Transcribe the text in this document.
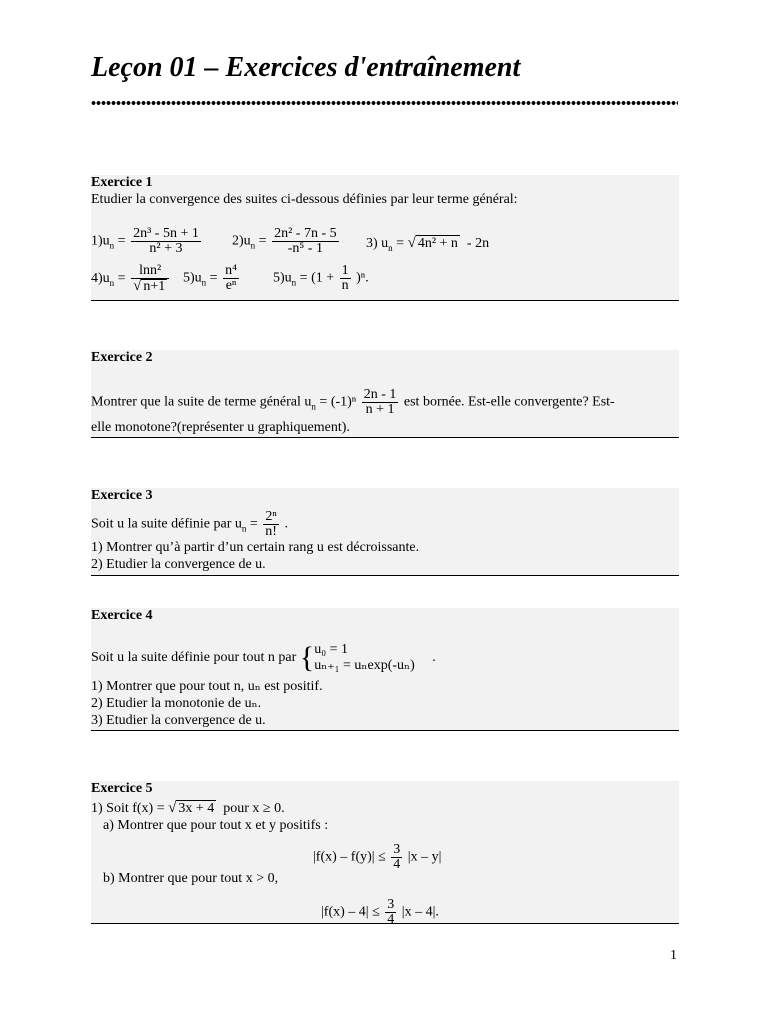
Leçon 01 – Exercices d'entraînement
Exercice 1
Etudier la convergence des suites ci-dessous définies par leur terme général:
$1)u_n = \frac{\text{2n³ - 5n + 1}}{\text{n² + 3}} 2)u_n = \frac{\text{2n² - 7n - 5}}{\text{-n⁵ - 1}} 3$) $u_n$ = √ 4n² + n - 2n
$4)u_n = \frac{\text{lnn²}}{√ n+1} 5)u_n = \frac{\text{n⁴}}{\text{eⁿ}} 5)u_n = (1 + \frac{1}{n} )^n$.
Exercice 2
Montrer que la suite de terme général $u_n = (-1)^n \frac{2n - 1}{n + 1}$ est bornée. Est-elle convergente? Est-
elle monotone?(représenter u graphiquement).
Exercice 3
Soit u la suite définie par $u_n = \frac{\text{2ⁿ}}{n!}$ .
1) Montrer qu’à partir d’un certain rang u est décroissante.
2) Etudier la convergence de u.
Exercice 4
Soit u la suite définie pour tout n par { u₀ = 1
uₙ₊₁ = uₙexp(-uₙ)
.
1) Montrer que pour tout n, uₙ est positif.
2) Etudier la monotonie de uₙ.
3) Etudier la convergence de u.
Exercice 5
1) Soit f(x) = √ 3x + 4 pour x ≥ 0.
a) Montrer que pour tout x et y positifs :
$|f(x) - f(y)| \le \frac{3}{4} |x - y|$
b) Montrer que pour tout x > 0,
$|f(x) - 4| \le \frac{3}{4} |x - 4|$.
1
